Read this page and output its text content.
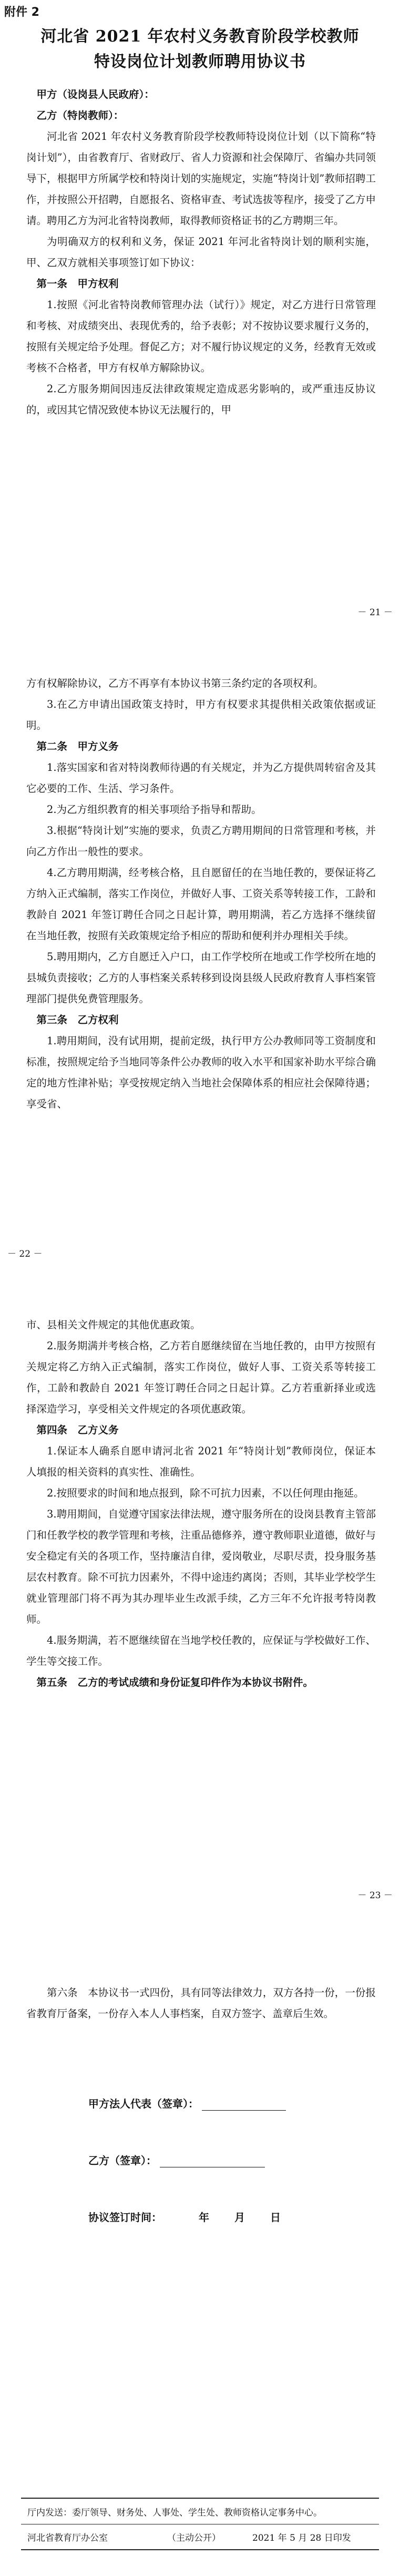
附件 2
河北省 2021 年农村义务教育阶段学校教师
特设岗位计划教师聘用协议书

甲方（设岗县人民政府）：

乙方（特岗教师）：

河北省 2021 年农村义务教育阶段学校教师特设岗位计划（以下简称“特岗计划”），由省教育厅、省财政厅、省人力资源和社会保障厅、省编办共同领导下，根据甲方所属学校和特岗计划的实施规定，实施“特岗计划”教师招聘工作，并按照公开招聘，自愿报名、资格审查、考试选拔等程序，接受了乙方申请。聘用乙方为河北省特岗教师，取得教师资格证书的乙方聘期三年。

为明确双方的权利和义务，保证 2021 年河北省特岗计划的顺利实施，甲、乙双方就相关事项签订如下协议：

第一条　甲方权利

1.按照《河北省特岗教师管理办法（试行）》规定，对乙方进行日常管理和考核、对成绩突出、表现优秀的，给予表彰；对不按协议要求履行义务的，按照有关规定给予处理。督促乙方；对不履行协议规定的义务，经教育无效或考核不合格者，甲方有权单方解除协议。

2.乙方服务期间因违反法律政策规定造成恶劣影响的，或严重违反协议的，或因其它情况致使本协议无法履行的，甲

－ 21 －

方有权解除协议，乙方不再享有本协议书第三条约定的各项权利。

3.在乙方申请出国政策支持时，甲方有权要求其提供相关政策依据或证明。

第二条　甲方义务

1.落实国家和省对特岗教师待遇的有关规定，并为乙方提供周转宿舍及其它必要的工作、生活、学习条件。

2.为乙方组织教育的相关事项给予指导和帮助。

3.根据“特岗计划”实施的要求，负责乙方聘用期间的日常管理和考核，并向乙方作出一般性的要求。

4.乙方聘用期满，经考核合格，且自愿留任的在当地任教的，要保证将乙方纳入正式编制，落实工作岗位，并做好人事、工资关系等转接工作，工龄和教龄自 2021 年签订聘任合同之日起计算，聘用期满，若乙方选择不继续留在当地任教，按照有关政策规定给予相应的帮助和便利并办理相关手续。

5.聘用期内，乙方自愿迁入户口，由工作学校所在地或工作学校所在地的县城负责接收；乙方的人事档案关系转移到设岗县级人民政府教育人事档案管理部门提供免费管理服务。

第三条　乙方权利

1.聘用期间，没有试用期，提前定级，执行甲方公办教师同等工资制度和标准，按照规定给予当地同等条件公办教师的收入水平和国家补助水平综合确定的地方性津补贴；享受按规定纳入当地社会保障体系的相应社会保障待遇；享受省、

－ 22 －

市、县相关文件规定的其他优惠政策。

2.服务期满并考核合格，乙方若自愿继续留在当地任教的，由甲方按照有关规定将乙方纳入正式编制，落实工作岗位，做好人事、工资关系等转接工作，工龄和教龄自 2021 年签订聘任合同之日起计算。乙方若重新择业或选择深造学习，享受相关文件规定的各项优惠政策。

第四条　乙方义务

1.保证本人确系自愿申请河北省 2021 年“特岗计划”教师岗位，保证本人填报的相关资料的真实性、准确性。

2.按照要求的时间和地点报到，除不可抗力因素，不以任何理由拖延。

3.聘用期间，自觉遵守国家法律法规，遵守服务所在的设岗县教育主管部门和任教学校的教学管理和考核，注重品德修养，遵守教师职业道德，做好与安全稳定有关的各项工作，坚持廉洁自律，爱岗敬业，尽职尽责，投身服务基层农村教育。除不可抗力因素外，不得中途违约离岗；否则，其毕业学校学生就业管理部门将不再为其办理毕业生改派手续，乙方三年不允许报考特岗教师。

4.服务期满，若不愿继续留在当地学校任教的，应保证与学校做好工作、学生等交接工作。

第五条　乙方的考试成绩和身份证复印件作为本协议书附件。

－ 23 －

第六条　本协议书一式四份，具有同等法律效力，双方各持一份，一份报省教育厅备案，一份存入本人人事档案，自双方签字、盖章后生效。

甲方法人代表（签章）：
乙方（签章）：
协议签订时间：	年 月 日
厅内发送：委厅领导、财务处、人事处、学生处、教师资格认定事务中心。
河北省教育厅办公室	（主动公开）	2021 年 5 月 28 日印发
